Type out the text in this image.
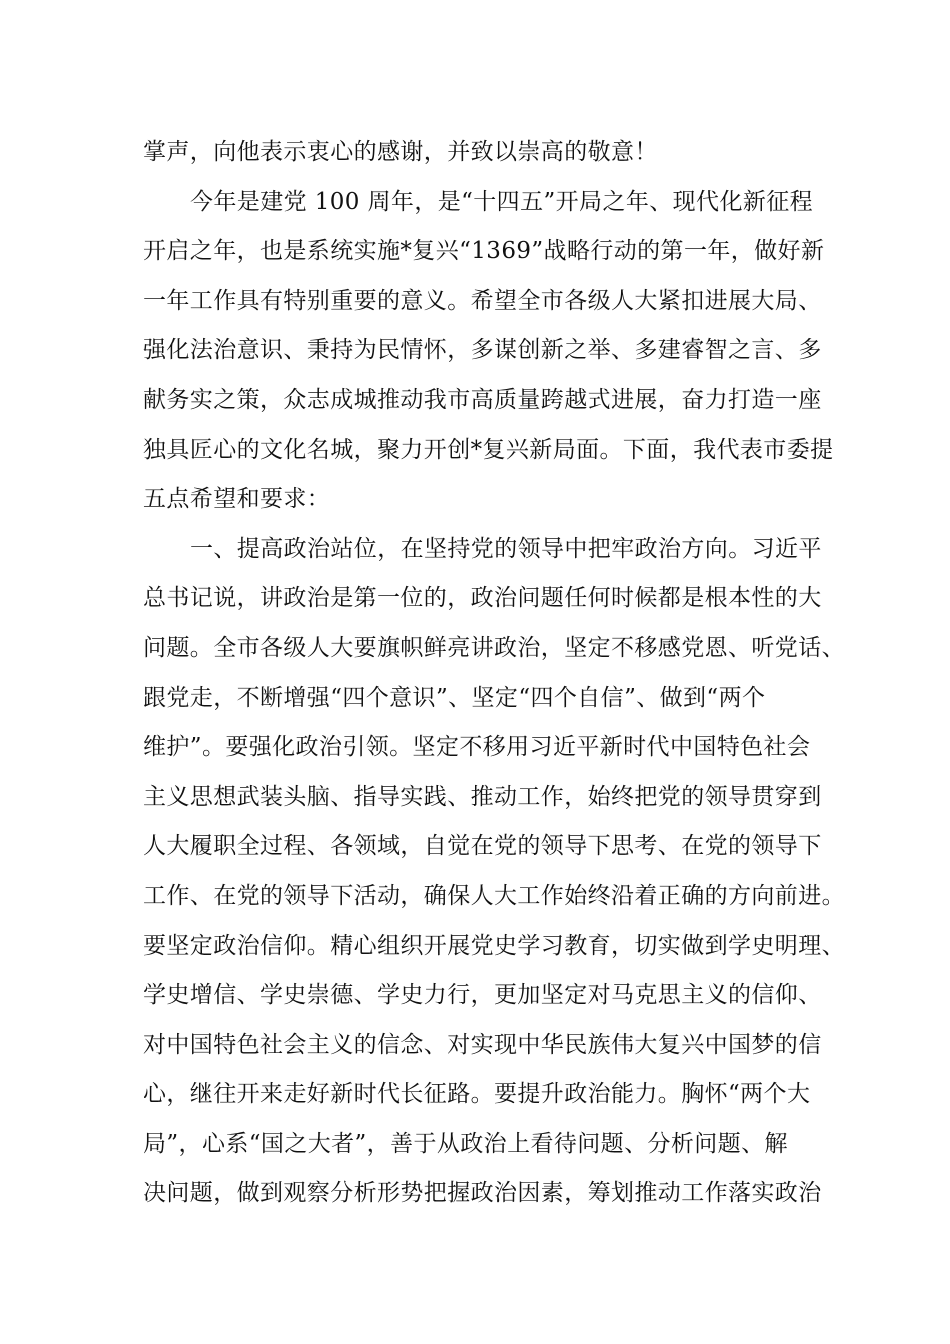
掌声，向他表示衷心的感谢，并致以崇高的敬意！
今年是建党 100 周年，是“十四五”开局之年、现代化新征程
开启之年，也是系统实施*复兴“1369”战略行动的第一年，做好新
一年工作具有特别重要的意义。希望全市各级人大紧扣进展大局、
强化法治意识、秉持为民情怀，多谋创新之举、多建睿智之言、多
献务实之策，众志成城推动我市高质量跨越式进展，奋力打造一座
独具匠心的文化名城，聚力开创*复兴新局面。下面，我代表市委提
五点希望和要求：
一、提高政治站位，在坚持党的领导中把牢政治方向。习近平
总书记说，讲政治是第一位的，政治问题任何时候都是根本性的大
问题。全市各级人大要旗帜鲜亮讲政治，坚定不移感党恩、听党话、
跟党走，不断增强“四个意识”、坚定“四个自信”、做到“两个
维护”。要强化政治引领。坚定不移用习近平新时代中国特色社会
主义思想武装头脑、指导实践、推动工作，始终把党的领导贯穿到
人大履职全过程、各领域，自觉在党的领导下思考、在党的领导下
工作、在党的领导下活动，确保人大工作始终沿着正确的方向前进。
要坚定政治信仰。精心组织开展党史学习教育，切实做到学史明理、
学史增信、学史崇德、学史力行，更加坚定对马克思主义的信仰、
对中国特色社会主义的信念、对实现中华民族伟大复兴中国梦的信
心，继往开来走好新时代长征路。要提升政治能力。胸怀“两个大
局”，心系“国之大者”，善于从政治上看待问题、分析问题、解
决问题，做到观察分析形势把握政治因素，筹划推动工作落实政治
